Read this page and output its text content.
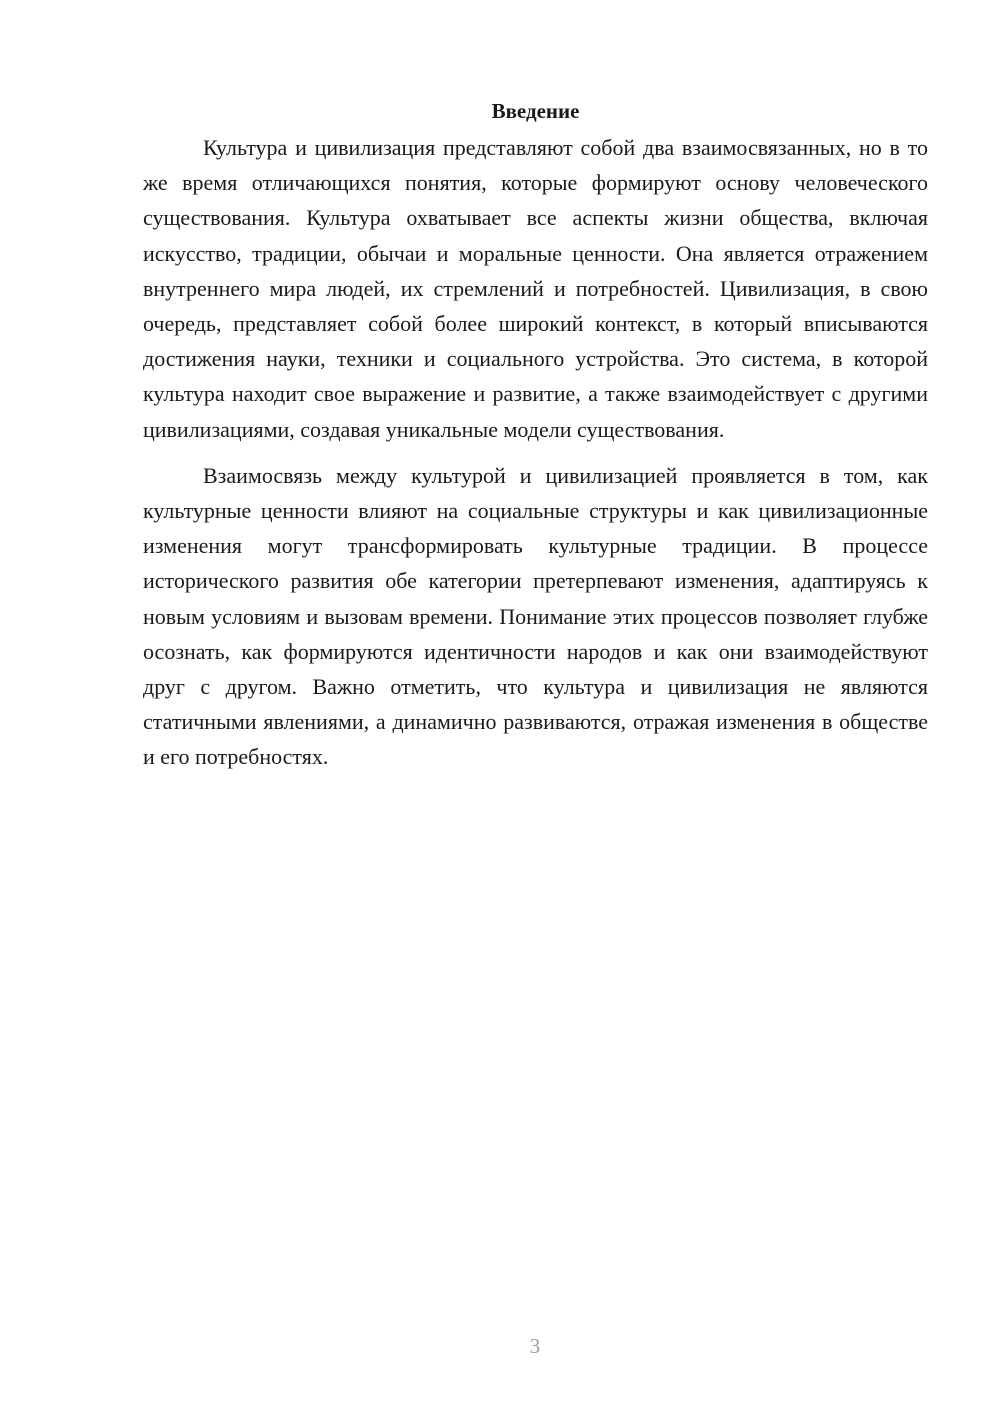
Введение

Культура и цивилизация представляют собой два взаимосвязанных, но в то же время отличающихся понятия, которые формируют основу человеческого существования. Культура охватывает все аспекты жизни общества, включая искусство, традиции, обычаи и моральные ценности. Она является отражением внутреннего мира людей, их стремлений и потребностей. Цивилизация, в свою очередь, представляет собой более широкий контекст, в который вписываются достижения науки, техники и социального устройства. Это система, в которой культура находит свое выражение и развитие, а также взаимодействует с другими цивилизациями, создавая уникальные модели существования.

Взаимосвязь между культурой и цивилизацией проявляется в том, как культурные ценности влияют на социальные структуры и как цивилизационные изменения могут трансформировать культурные традиции. В процессе исторического развития обе категории претерпевают изменения, адаптируясь к новым условиям и вызовам времени. Понимание этих процессов позволяет глубже осознать, как формируются идентичности народов и как они взаимодействуют друг с другом. Важно отметить, что культура и цивилизация не являются статичными явлениями, а динамично развиваются, отражая изменения в обществе и его потребностях.

3
